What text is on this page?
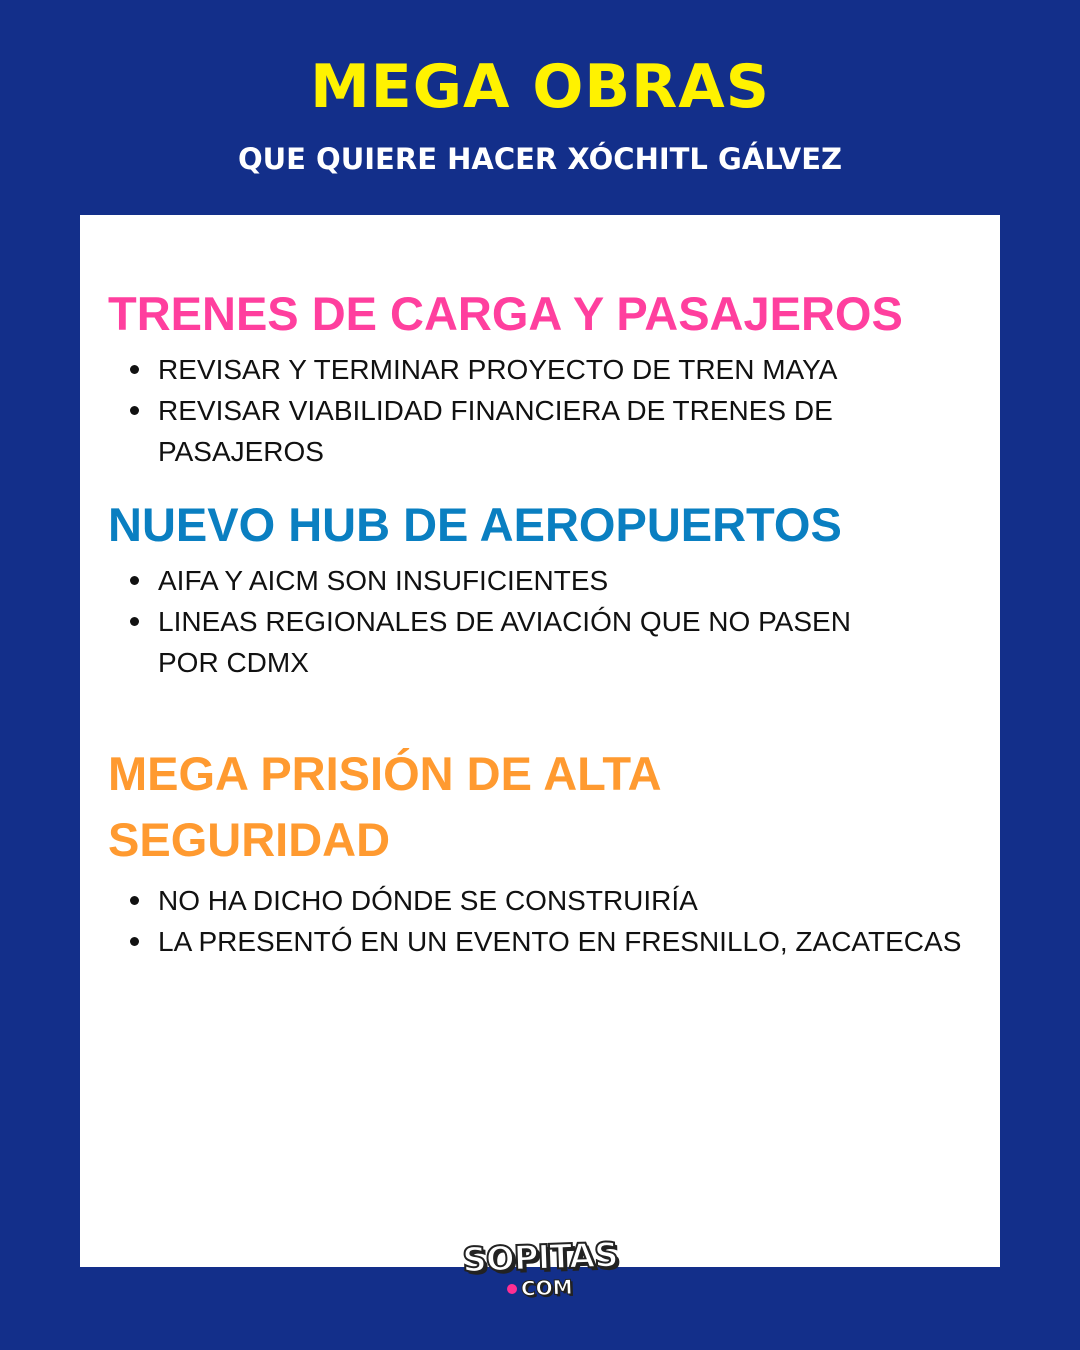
MEGA OBRAS
QUE QUIERE HACER XÓCHITL GÁLVEZ
TRENES DE CARGA Y PASAJEROS
REVISAR Y TERMINAR PROYECTO DE TREN MAYA
REVISAR VIABILIDAD FINANCIERA DE TRENES DE PASAJEROS
NUEVO HUB DE AEROPUERTOS
AIFA Y AICM SON INSUFICIENTES
LINEAS REGIONALES DE AVIACIÓN QUE NO PASEN POR CDMX
MEGA PRISIÓN DE ALTA SEGURIDAD
NO HA DICHO DÓNDE SE CONSTRUIRÍA
LA PRESENTÓ EN UN EVENTO EN FRESNILLO, ZACATECAS
SOPITAS
COM
